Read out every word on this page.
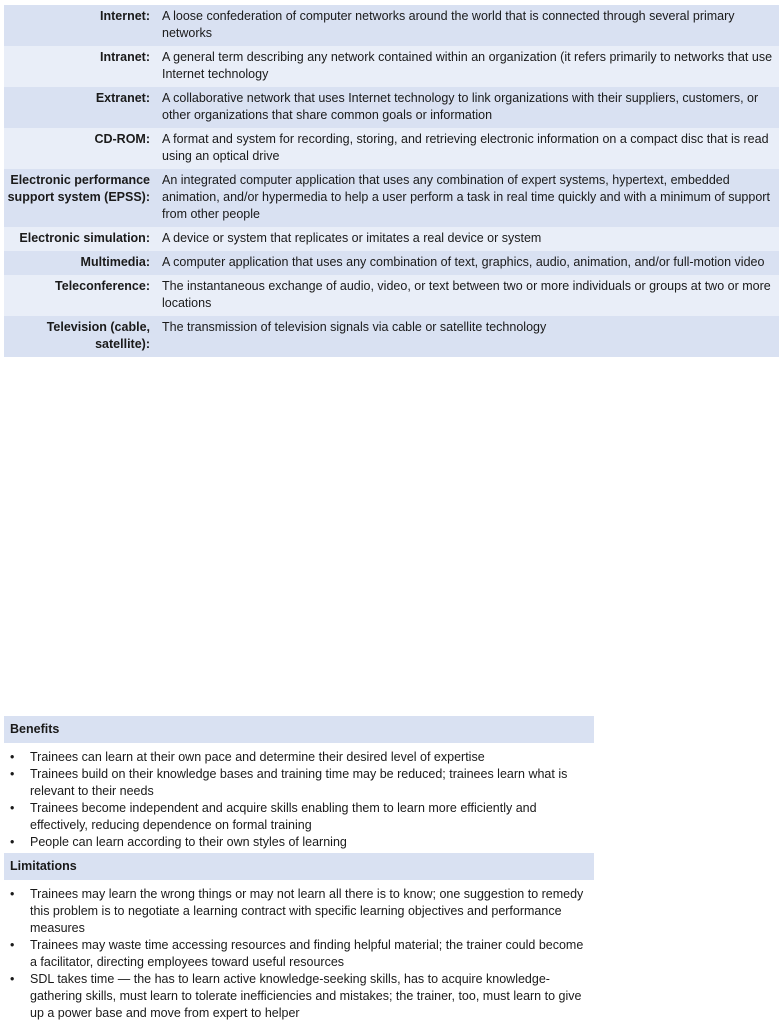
Internet: A loose confederation of computer networks around the world that is connected through several primary networks
Intranet: A general term describing any network contained within an organization (it refers primarily to networks that use Internet technology
Extranet: A collaborative network that uses Internet technology to link organizations with their suppliers, customers, or other organizations that share common goals or information
CD-ROM: A format and system for recording, storing, and retrieving electronic information on a compact disc that is read using an optical drive
Electronic performance support system (EPSS):
An integrated computer application that uses any combination of expert systems, hypertext, embedded animation, and/or hypermedia to help a user perform a task in real time quickly and with a minimum of support from other people
Electronic simulation: A device or system that replicates or imitates a real device or system
Multimedia: A computer application that uses any combination of text, graphics, audio, animation, and/or full-motion video
Teleconference: The instantaneous exchange of audio, video, or text between two or more individuals or groups at two or more locations
Television (cable, satellite):
The transmission of television signals via cable or satellite technology
Benefits
• Trainees can learn at their own pace and determine their desired level of expertise
• Trainees build on their knowledge bases and training time may be reduced; trainees learn what is relevant to their needs
• Trainees become independent and acquire skills enabling them to learn more efficiently and effectively, reducing dependence on formal training
• People can learn according to their own styles of learning
Limitations
• Trainees may learn the wrong things or may not learn all there is to know; one suggestion to remedy this problem is to negotiate a learning contract with specific learning objectives and performance measures
• Trainees may waste time accessing resources and finding helpful material; the trainer could become a facilitator, directing employees toward useful resources
• SDL takes time — the has to learn active knowledge-seeking skills, has to acquire knowledge-gathering skills, must learn to tolerate inefficiencies and mistakes; the trainer, too, must learn to give up a power base and move from expert to helper
